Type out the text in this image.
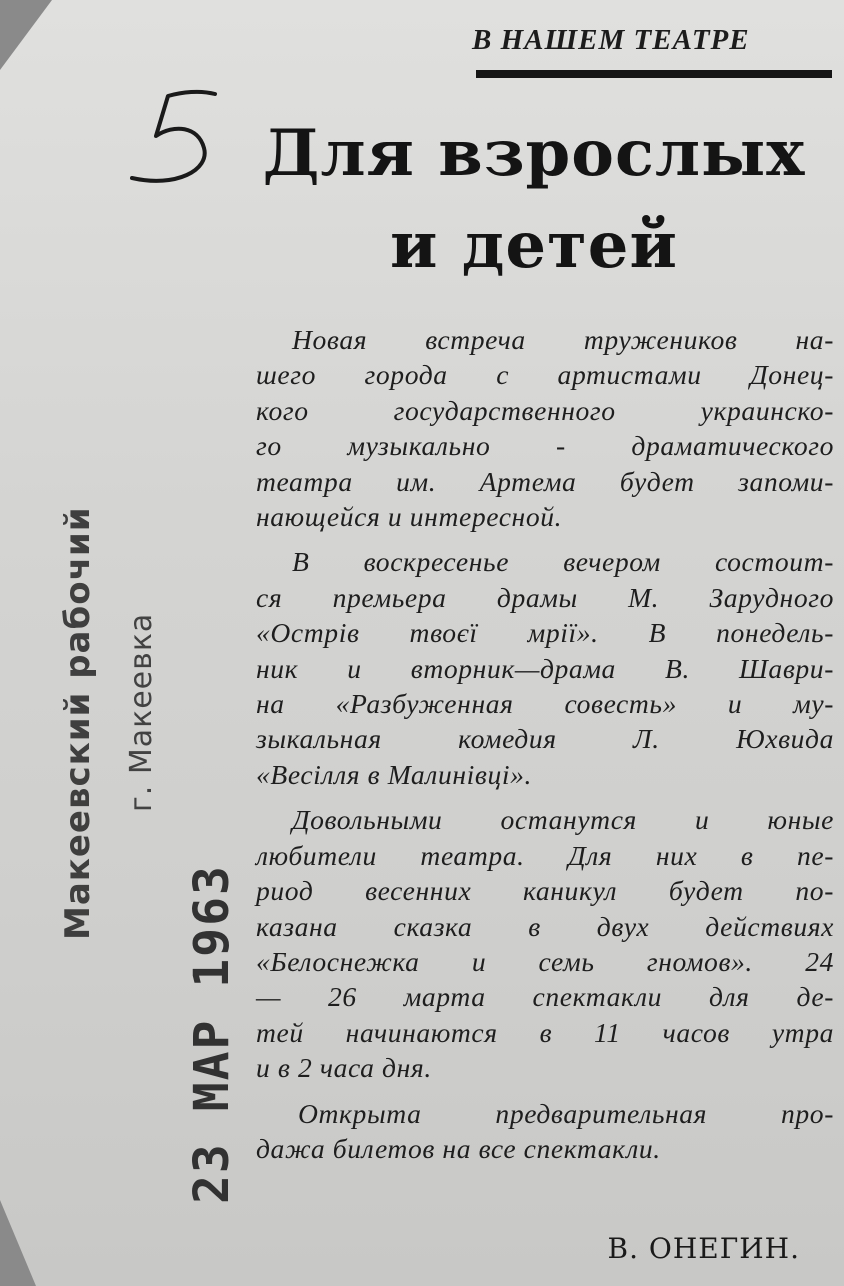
В НАШЕМ ТЕАТРЕ
Для взрослых
и детей
Новая встреча тружеников на-
шего города с артистами Донец-
кого государственного украинско-
го музыкально - драматического
театра им. Артема будет запоми-
нающейся и интересной.
В воскресенье вечером состоит-
ся премьера драмы М. Зарудного
«Острів твоєї мрії». В понедель-
ник и вторник—драма В. Шаври-
на «Разбуженная совесть» и му-
зыкальная комедия Л. Юхвида
«Весілля в Малинівці».
Довольными останутся и юные
любители театра. Для них в пе-
риод весенних каникул будет по-
казана сказка в двух действиях
«Белоснежка и семь гномов». 24
— 26 марта спектакли для де-
тей начинаются в 11 часов утра
и в 2 часа дня.
Открыта предварительная про-
дажа билетов на все спектакли.
В. ОНЕГИН.
Макеевский рабочий г. Макеевка
23 МАР 1963
